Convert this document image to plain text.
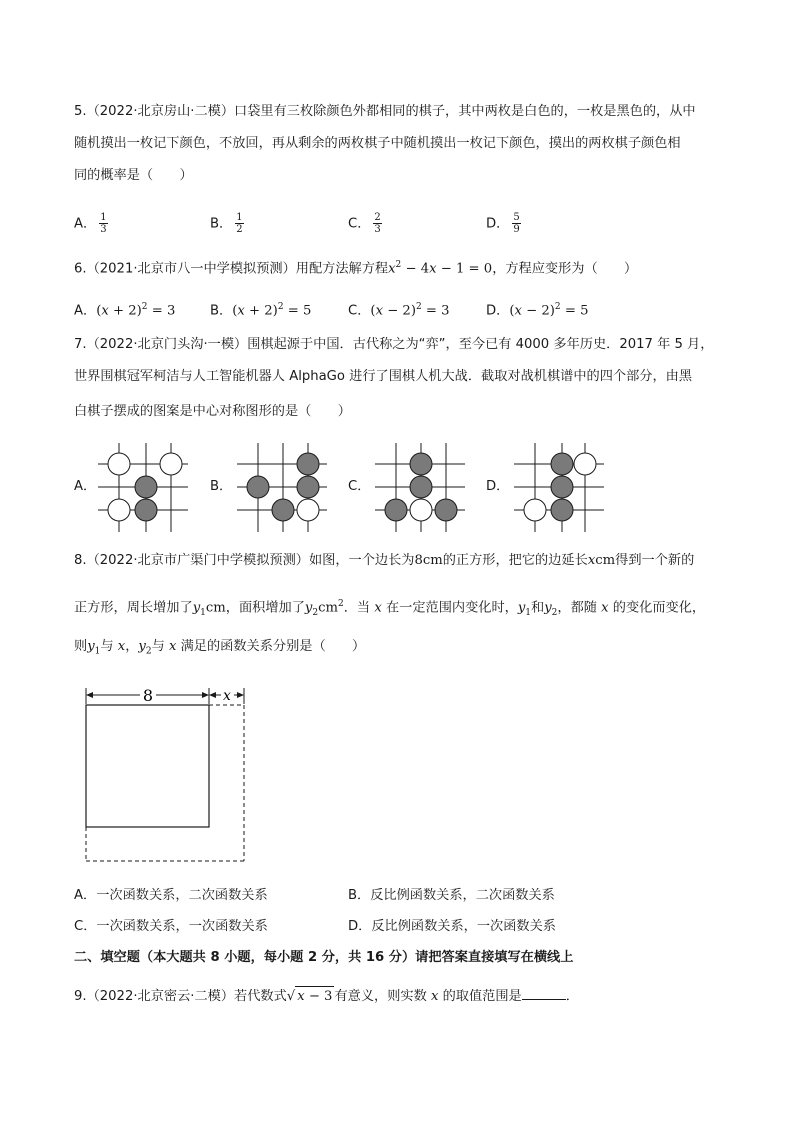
5.（2022·北京房山·二模）口袋里有三枚除颜色外都相同的棋子，其中两枚是白色的，一枚是黑色的，从中
随机摸出一枚记下颜色，不放回，再从剩余的两枚棋子中随机摸出一枚记下颜色，摸出的两枚棋子颜色相
同的概率是（　　）
A． $\frac{1}{3}$	B． $\frac{1}{2}$	C． $\frac{2}{3}$	D． $\frac{5}{9}$
6.（2021·北京市八一中学模拟预测）用配方法解方程$x^2 - 4x - 1 = 0$，方程应变形为（　　）
A．$(x + 2)^2 = 3$	B．$(x + 2)^2 = 5$	C．$(x - 2)^2 = 3$	D．$(x - 2)^2 = 5$
7.（2022·北京门头沟·一模）围棋起源于中国．古代称之为“弈”，至今已有 4000 多年历史．2017 年 5 月，
世界围棋冠军柯洁与人工智能机器人 AlphaGo 进行了围棋人机大战．截取对战机棋谱中的四个部分，由黑
白棋子摆成的图案是中心对称图形的是（　　）
A．	B．	C．	D．
8.（2022·北京市广渠门中学模拟预测）如图，一个边长为8cm的正方形，把它的边延长xcm得到一个新的
正方形，周长增加了$y_1cm$，面积增加了$y_2cm^2$．当 x 在一定范围内变化时，$y_1$和$y_2$，都随 x 的变化而变化，
则$y_1$与 x，$y_2$与 x 满足的函数关系分别是（　　）
8	x
A．一次函数关系，二次函数关系	B．反比例函数关系，二次函数关系
C．一次函数关系，一次函数关系	D．反比例函数关系，一次函数关系
二、填空题（本大题共 8 小题，每小题 2 分，共 16 分）请把答案直接填写在横线上
9.（2022·北京密云·二模）若代数式√ x − 3 有意义，则实数 x 的取值范围是	．
